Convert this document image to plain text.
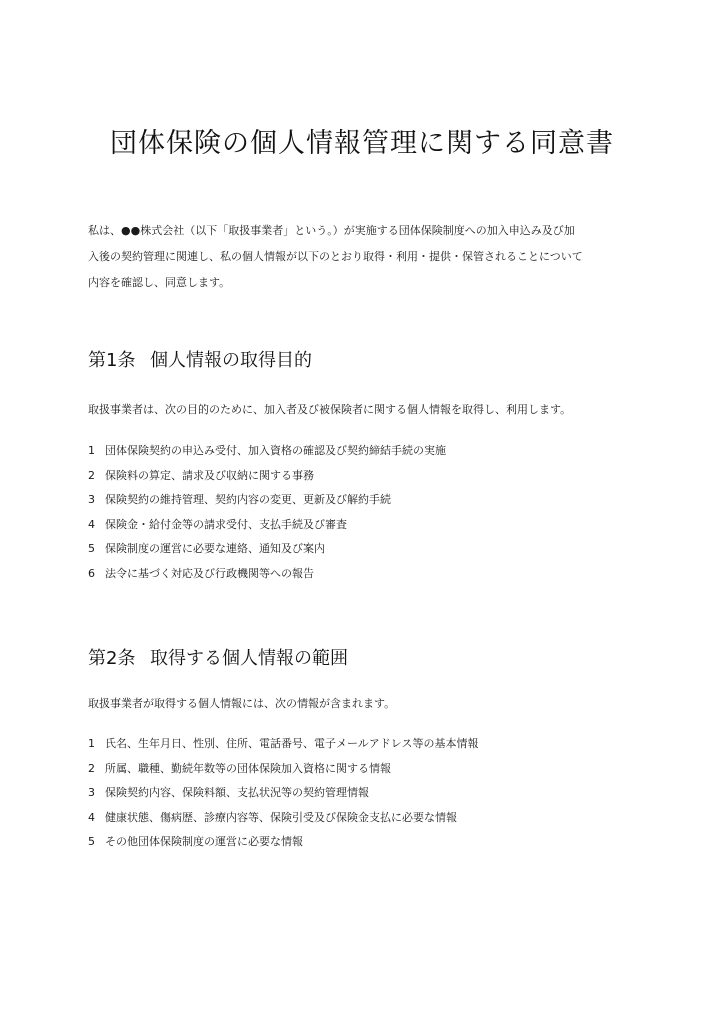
団体保険の個人情報管理に関する同意書

私は、●●株式会社（以下「取扱事業者」という。）が実施する団体保険制度への加入申込み及び加
入後の契約管理に関連し、私の個人情報が以下のとおり取得・利用・提供・保管されることについて
内容を確認し、同意します。

第1条 個人情報の取得目的

取扱事業者は、次の目的のために、加入者及び被保険者に関する個人情報を取得し、利用します。

1 団体保険契約の申込み受付、加入資格の確認及び契約締結手続の実施
2 保険料の算定、請求及び収納に関する事務
3 保険契約の維持管理、契約内容の変更、更新及び解約手続
4 保険金・給付金等の請求受付、支払手続及び審査
5 保険制度の運営に必要な連絡、通知及び案内
6 法令に基づく対応及び行政機関等への報告
第2条 取得する個人情報の範囲

取扱事業者が取得する個人情報には、次の情報が含まれます。

1 氏名、生年月日、性別、住所、電話番号、電子メールアドレス等の基本情報
2 所属、職種、勤続年数等の団体保険加入資格に関する情報
3 保険契約内容、保険料額、支払状況等の契約管理情報
4 健康状態、傷病歴、診療内容等、保険引受及び保険金支払に必要な情報
5 その他団体保険制度の運営に必要な情報
